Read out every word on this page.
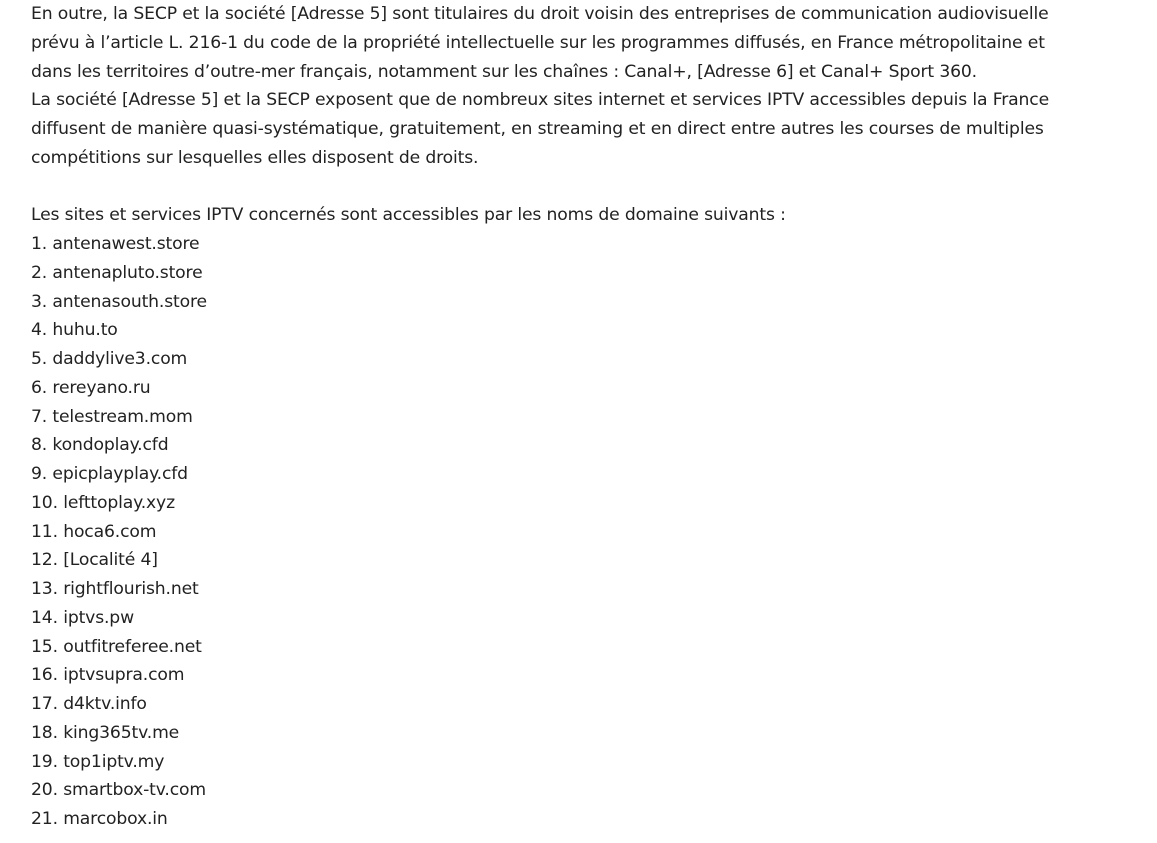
En outre, la SECP et la société [Adresse 5] sont titulaires du droit voisin des entreprises de communication audiovisuelle
prévu à l’article L. 216-1 du code de la propriété intellectuelle sur les programmes diffusés, en France métropolitaine et
dans les territoires d’outre-mer français, notamment sur les chaînes : Canal+, [Adresse 6] et Canal+ Sport 360.
La société [Adresse 5] et la SECP exposent que de nombreux sites internet et services IPTV accessibles depuis la France
diffusent de manière quasi-systématique, gratuitement, en streaming et en direct entre autres les courses de multiples
compétitions sur lesquelles elles disposent de droits.
Les sites et services IPTV concernés sont accessibles par les noms de domaine suivants :
1. antenawest.store
2. antenapluto.store
3. antenasouth.store
4. huhu.to
5. daddylive3.com
6. rereyano.ru
7. telestream.mom
8. kondoplay.cfd
9. epicplayplay.cfd
10. lefttoplay.xyz
11. hoca6.com
12. [Localité 4]
13. rightflourish.net
14. iptvs.pw
15. outfitreferee.net
16. iptvsupra.com
17. d4ktv.info
18. king365tv.me
19. top1iptv.my
20. smartbox-tv.com
21. marcobox.in
